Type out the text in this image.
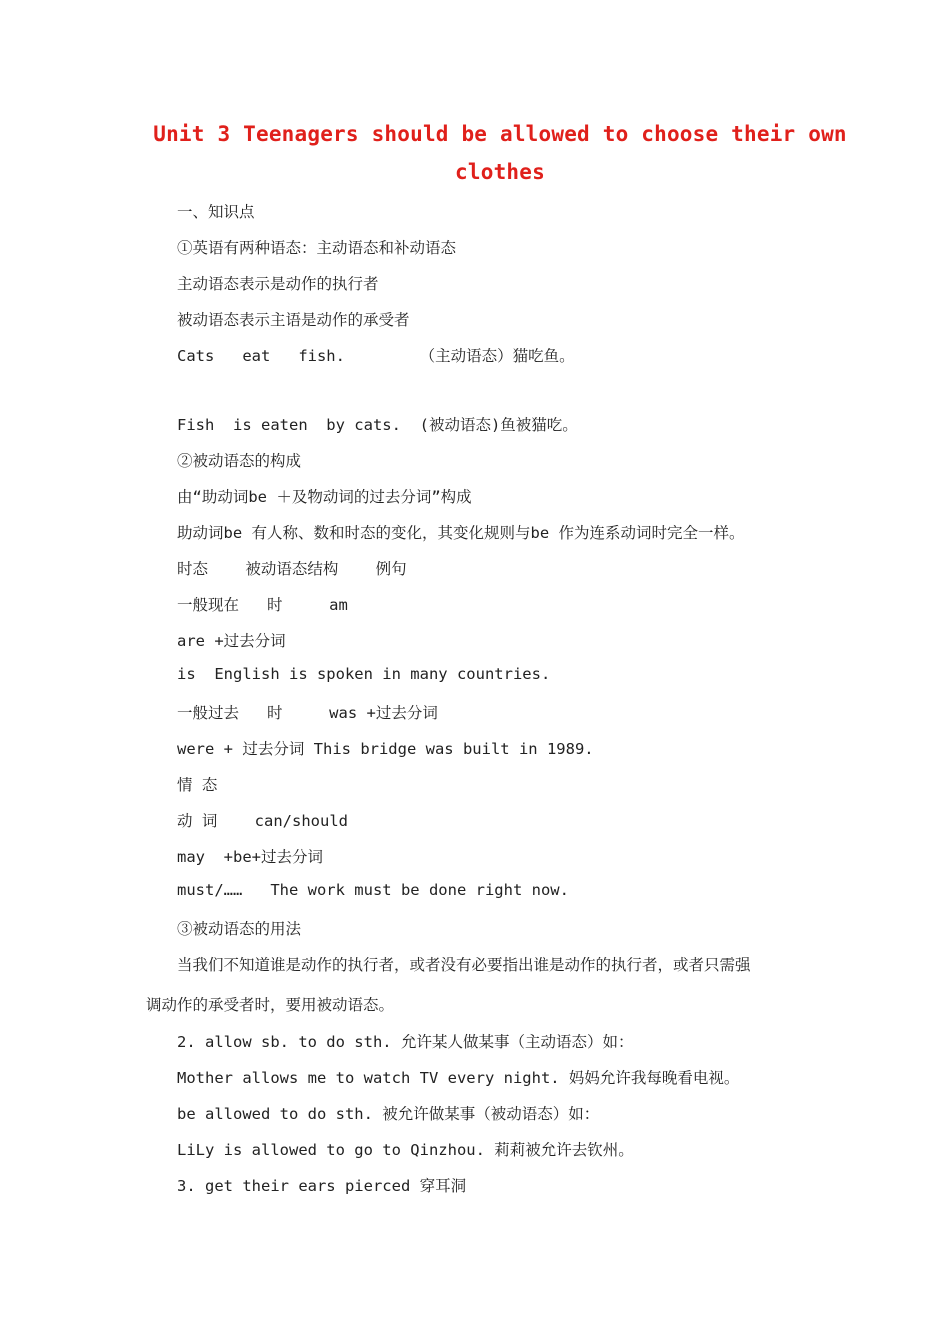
Unit 3 Teenagers should be allowed to choose their own
clothes
一、知识点
①英语有两种语态：主动语态和补动语态
主动语态表示是动作的执行者
被动语态表示主语是动作的承受者
Cats   eat   fish.        （主动语态）猫吃鱼。
Fish  is eaten  by cats.  (被动语态)鱼被猫吃。
②被动语态的构成
由“助动词be ＋及物动词的过去分词”构成
助动词be 有人称、数和时态的变化，其变化规则与be 作为连系动词时完全一样。
时态    被动语态结构    例句
一般现在   时     am
are +过去分词
is  English is spoken in many countries.
一般过去   时     was +过去分词
were + 过去分词 This bridge was built in 1989.
情 态
动 词    can/should
may  +be+过去分词
must/……   The work must be done right now.
③被动语态的用法
当我们不知道谁是动作的执行者，或者没有必要指出谁是动作的执行者，或者只需强
调动作的承受者时，要用被动语态。
2. allow sb. to do sth. 允许某人做某事（主动语态）如：
Mother allows me to watch TV every night. 妈妈允许我每晚看电视。
be allowed to do sth. 被允许做某事（被动语态）如：
LiLy is allowed to go to Qinzhou. 莉莉被允许去钦州。
3. get their ears pierced 穿耳洞
